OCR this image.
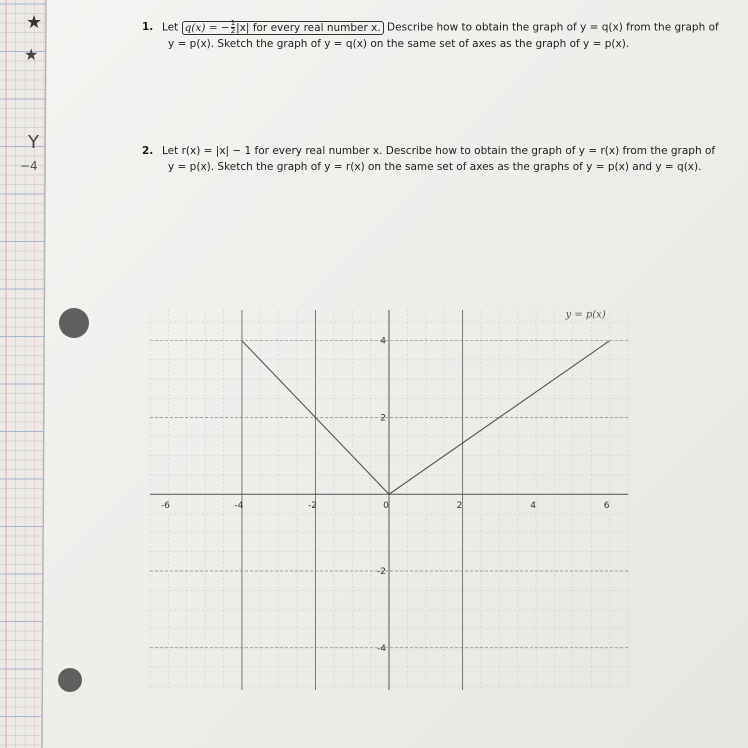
★
★
Y
−4
-6	-4	-2	0	2	4	6
4
2
-2
-4
y = p(x)
1. Let q(x) = − $\frac{1}{2} |x|$ for every real number x. Describe how to obtain the graph of y = q(x) from the graph of
y = p(x). Sketch the graph of y = q(x) on the same set of axes as the graph of y = p(x).
2. Let r(x) = |x| − 1 for every real number x. Describe how to obtain the graph of y = r(x) from the graph of
y = p(x). Sketch the graph of y = r(x) on the same set of axes as the graphs of y = p(x) and y = q(x).
